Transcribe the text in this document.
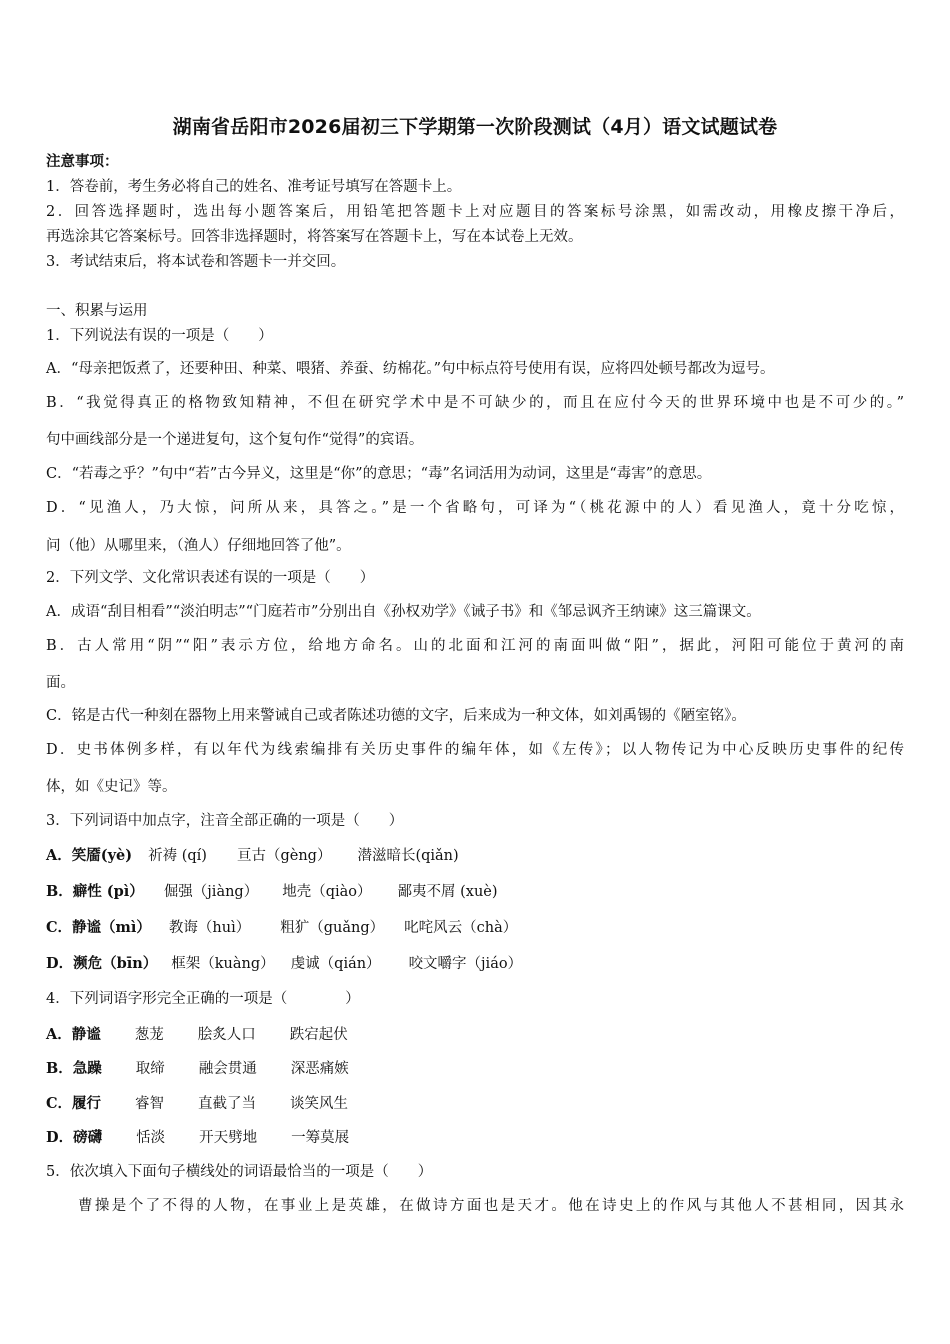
湖南省岳阳市2026届初三下学期第一次阶段测试（4月）语文试题试卷
注意事项：
1．答卷前，考生务必将自己的姓名、准考证号填写在答题卡上。
2．回答选择题时，选出每小题答案后，用铅笔把答题卡上对应题目的答案标号涂黑，如需改动，用橡皮擦干净后，
再选涂其它答案标号。回答非选择题时，将答案写在答题卡上，写在本试卷上无效。
3．考试结束后，将本试卷和答题卡一并交回。
一、积累与运用
1．下列说法有误的一项是（　　）
A．“母亲把饭煮了，还要种田、种菜、喂猪、养蚕、纺棉花。”句中标点符号使用有误，应将四处顿号都改为逗号。
B．“我觉得真正的格物致知精神，不但在研究学术中是不可缺少的，而且在应付今天的世界环境中也是不可少的。”
句中画线部分是一个递进复句，这个复句作“觉得”的宾语。
C．“若毒之乎？”句中“若”古今异义，这里是“你”的意思；“毒”名词活用为动词，这里是“毒害”的意思。
D．“见渔人，乃大惊，问所从来，具答之。”是一个省略句，可译为“（桃花源中的人）看见渔人，竟十分吃惊，
问（他）从哪里来，（渔人）仔细地回答了他”。
2．下列文学、文化常识表述有误的一项是（　　）
A．成语“刮目相看”“淡泊明志”“门庭若市”分别出自《孙权劝学》《诫子书》和《邹忌讽齐王纳谏》这三篇课文。
B．古人常用“阴”“阳”表示方位，给地方命名。山的北面和江河的南面叫做“阳”，据此，河阳可能位于黄河的南
面。
C．铭是古代一种刻在器物上用来警诫自己或者陈述功德的文字，后来成为一种文体，如刘禹锡的《陋室铭》。
D．史书体例多样，有以年代为线索编排有关历史事件的编年体，如《左传》；以人物传记为中心反映历史事件的纪传
体，如《史记》等。
3．下列词语中加点字，注音全部正确的一项是（　　）
A．笑靥(yè) 祈祷 (qí) 亘古（gèng） 潜滋暗长(qiǎn)
B．癖性 (pì） 倔强（jiàng） 地壳（qiào） 鄙夷不屑 (xuè)
C．静谧（mì） 教诲（huì） 粗犷（guǎng） 叱咤风云（chà）
D．濒危（bīn） 框架（kuàng） 虔诚（qián） 咬文嚼字（jiáo）
4．下列词语字形完全正确的一项是（　　　　）
A．静谧 葱茏 脍炙人口 跌宕起伏
B．急躁 取缔 融会贯通 深恶痛嫉
C．履行 睿智 直截了当 谈笑风生
D．磅礴 恬淡 开天劈地 一筹莫展
5．依次填入下面句子横线处的词语最恰当的一项是（　　）
曹操是个了不得的人物，在事业上是英雄，在做诗方面也是天才。他在诗史上的作风与其他人不甚相同，因其永
